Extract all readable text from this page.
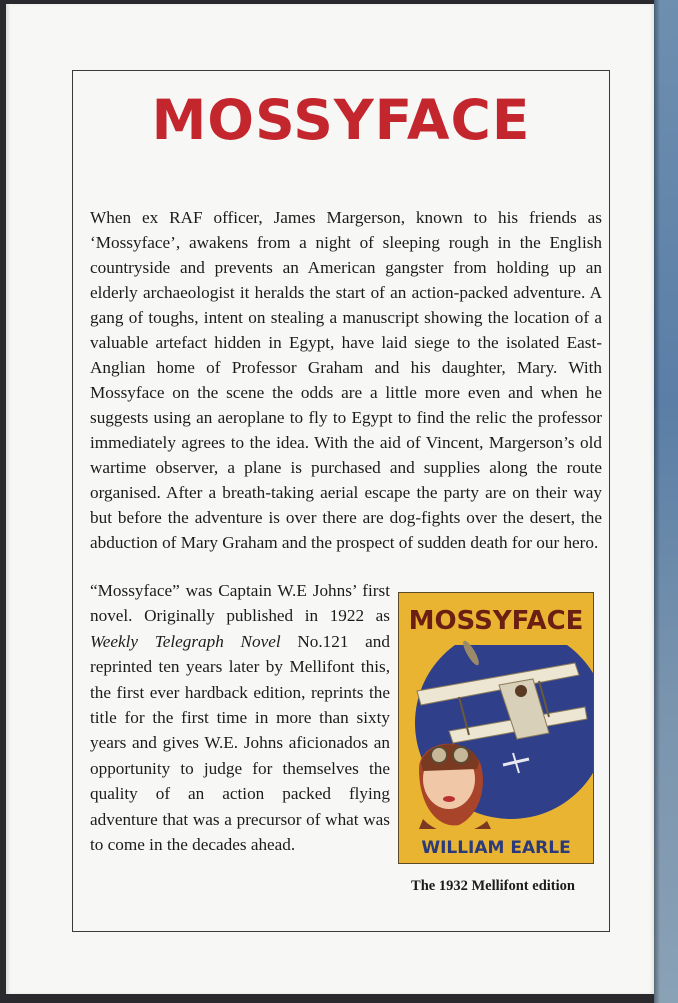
MOSSYFACE

When ex RAF officer, James Margerson, known to his friends as ‘Mossyface’, awakens from a night of sleeping rough in the English countryside and prevents an American gangster from holding up an elderly archaeologist it heralds the start of an action-packed adventure. A gang of toughs, intent on stealing a manuscript showing the location of a valuable artefact hidden in Egypt, have laid siege to the isolated East-Anglian home of Professor Graham and his daughter, Mary. With Mossyface on the scene the odds are a little more even and when he suggests using an aeroplane to fly to Egypt to find the relic the professor immediately agrees to the idea. With the aid of Vincent, Margerson’s old wartime observer, a plane is purchased and supplies along the route organised. After a breath-taking aerial escape the party are on their way but before the adventure is over there are dog-fights over the desert, the abduction of Mary Graham and the prospect of sudden death for our hero.

“Mossyface” was Captain W.E Johns’ first novel. Originally published in 1922 as Weekly Telegraph Novel No.121 and reprinted ten years later by Mellifont this, the first ever hardback edition, reprints the title for the first time in more than sixty years and gives W.E. Johns aficionados an opportunity to judge for themselves the quality of an action packed flying adventure that was a precursor of what was to come in the decades ahead.

MOSSYFACE
WILLIAM EARLE

The 1932 Mellifont edition
